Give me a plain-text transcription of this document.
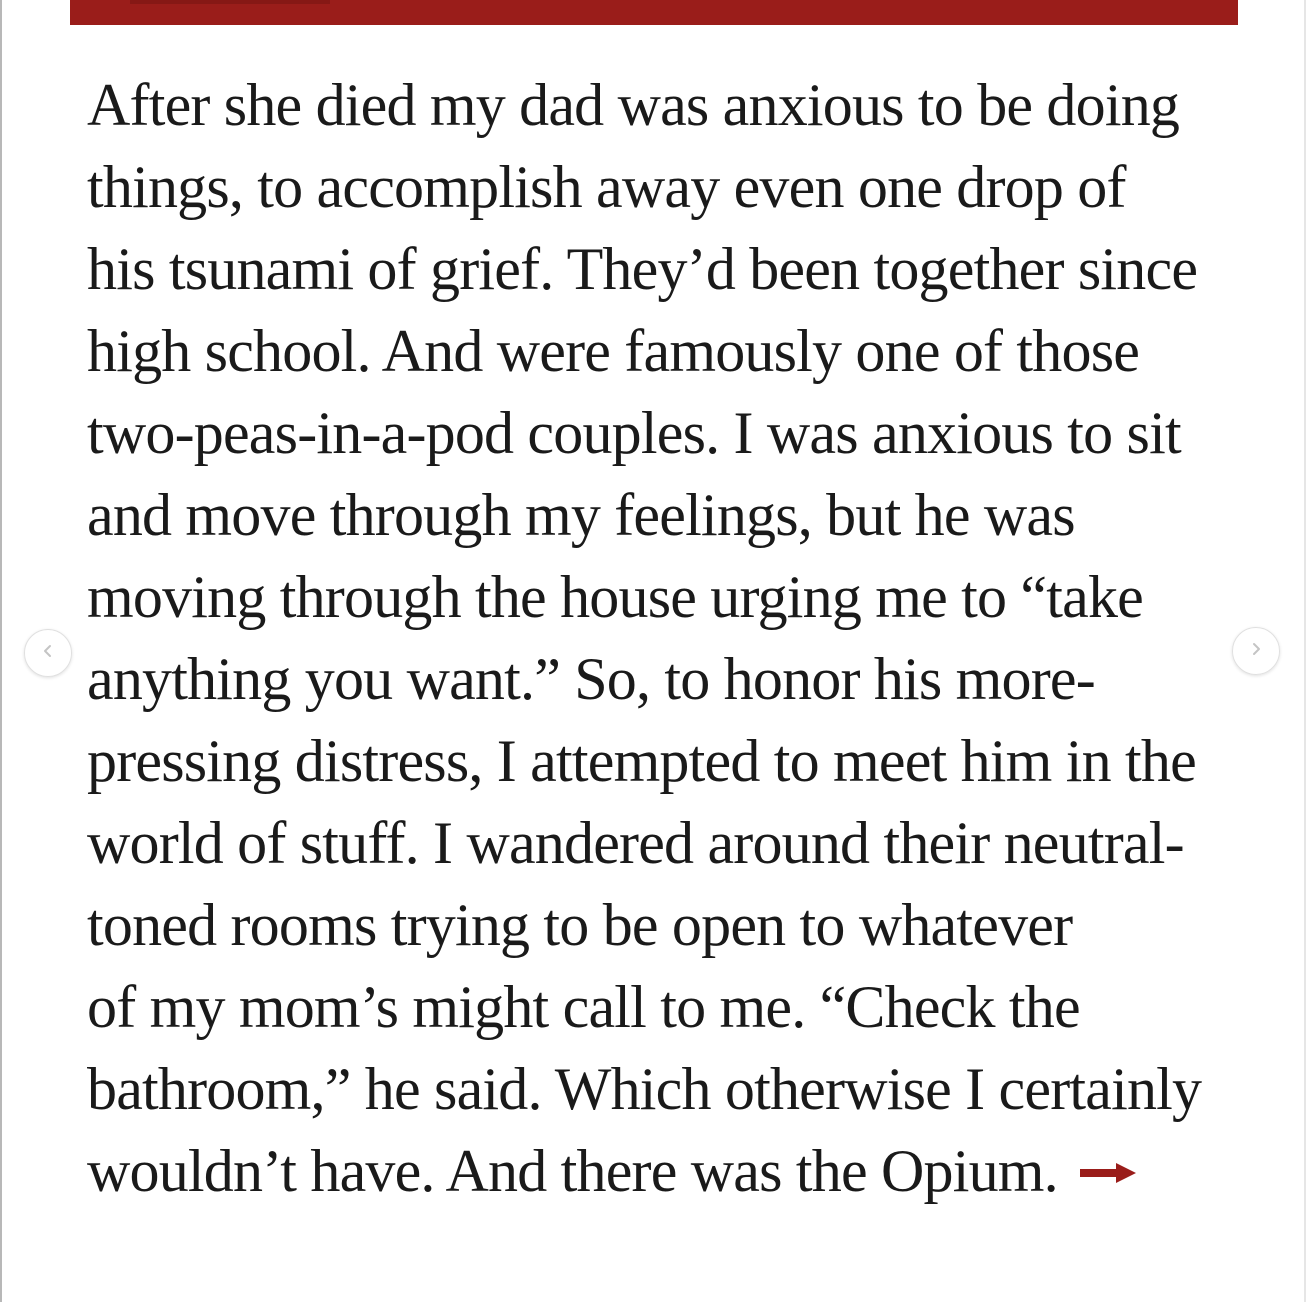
After she died my dad was anxious to be doing
things, to accomplish away even one drop of
his tsunami of grief. They’d been together since
high school. And were famously one of those
two-peas-in-a-pod couples. I was anxious to sit
and move through my feelings, but he was
moving through the house urging me to “take
anything you want.” So, to honor his more-
pressing distress, I attempted to meet him in the
world of stuff. I wandered around their neutral-
toned rooms trying to be open to whatever
of my mom’s might call to me. “Check the
bathroom,” he said. Which otherwise I certainly
wouldn’t have. And there was the Opium.
